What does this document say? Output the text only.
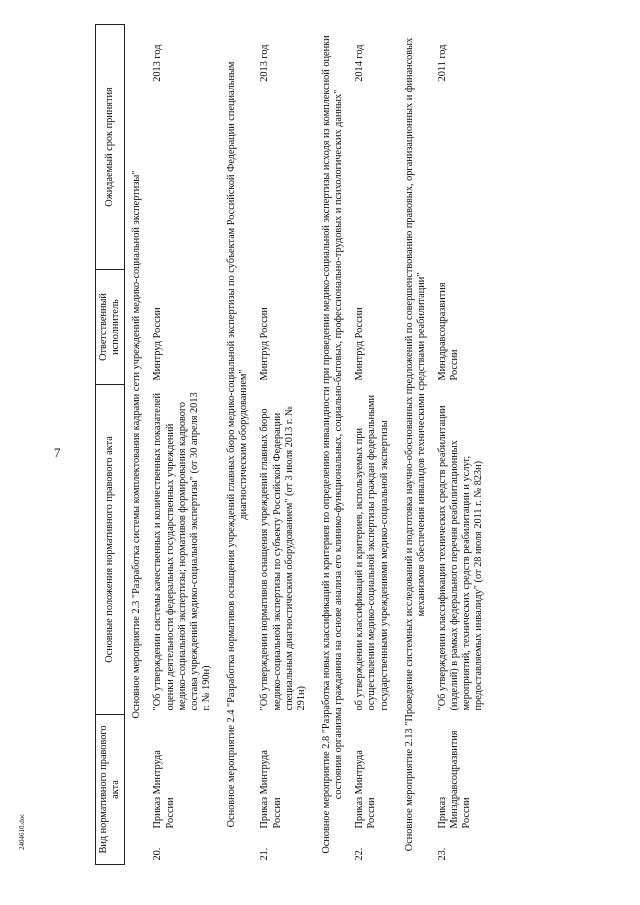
7
2404610.doc	Вид нормативного правового акта		Основные положения нормативного правового акта	Ответственный исполнитель	Ожидаемый срок принятия
Основное мероприятие 2.3 "Разработка системы комплектования кадрами сети учреждений медико-социальной экспертизы"				
20.	Приказ Минтруда России	"Об утверждении системы качественных и количественных показателей оценки деятельности федеральных государственных учреждений медико-социальной экспертизы; нормативов формирования кадрового состава учреждений медико-социальной экспертизы" (от 30 апреля 2013 г. № 190н)	Минтруд России	2013 год
Основное мероприятие 2.4 "Разработка нормативов оснащения учреждений главных бюро медико-социальной экспертизы по субъектам Российской Федерации специальным диагностическим оборудованием"				
21.	Приказ Минтруда России	"Об утверждении нормативов оснащения учреждений главных бюро медико-социальной экспертизы по субъекту Российской Федерации специальным диагностическим оборудованием" (от 3 июля 2013 г. № 291н)	Минтруд России	2013 год
Основное мероприятие 2.8 "Разработка новых классификаций и критериев по определению инвалидности при проведении медико-социальной экспертизы исходя из комплексной оценки состояния организма гражданина на основе анализа его клинико-функциональных, социально-бытовых, профессионально-трудовых и психологических данных"				
22.	Приказ Минтруда России	об утверждении классификаций и критериев, используемых при осуществлении медико-социальной экспертизы граждан федеральными государственными учреждениями медико-социальной экспертизы	Минтруд России	2014 год
Основное мероприятие 2.13 "Проведение системных исследований и подготовка научно-обоснованных предложений по совершенствованию правовых, организационных и финансовых механизмов обеспечения инвалидов техническими средствами реабилитации"				
23.	Приказ Минздравсоцразвития России	"Об утверждении классификации технических средств реабилитации (изделий) в рамках федерального перечня реабилитационных мероприятий, технических средств реабилитации и услуг, предоставляемых инвалиду" (от 28 июля 2011 г. № 823н)	Минздравсоцразвития России	2011 год
